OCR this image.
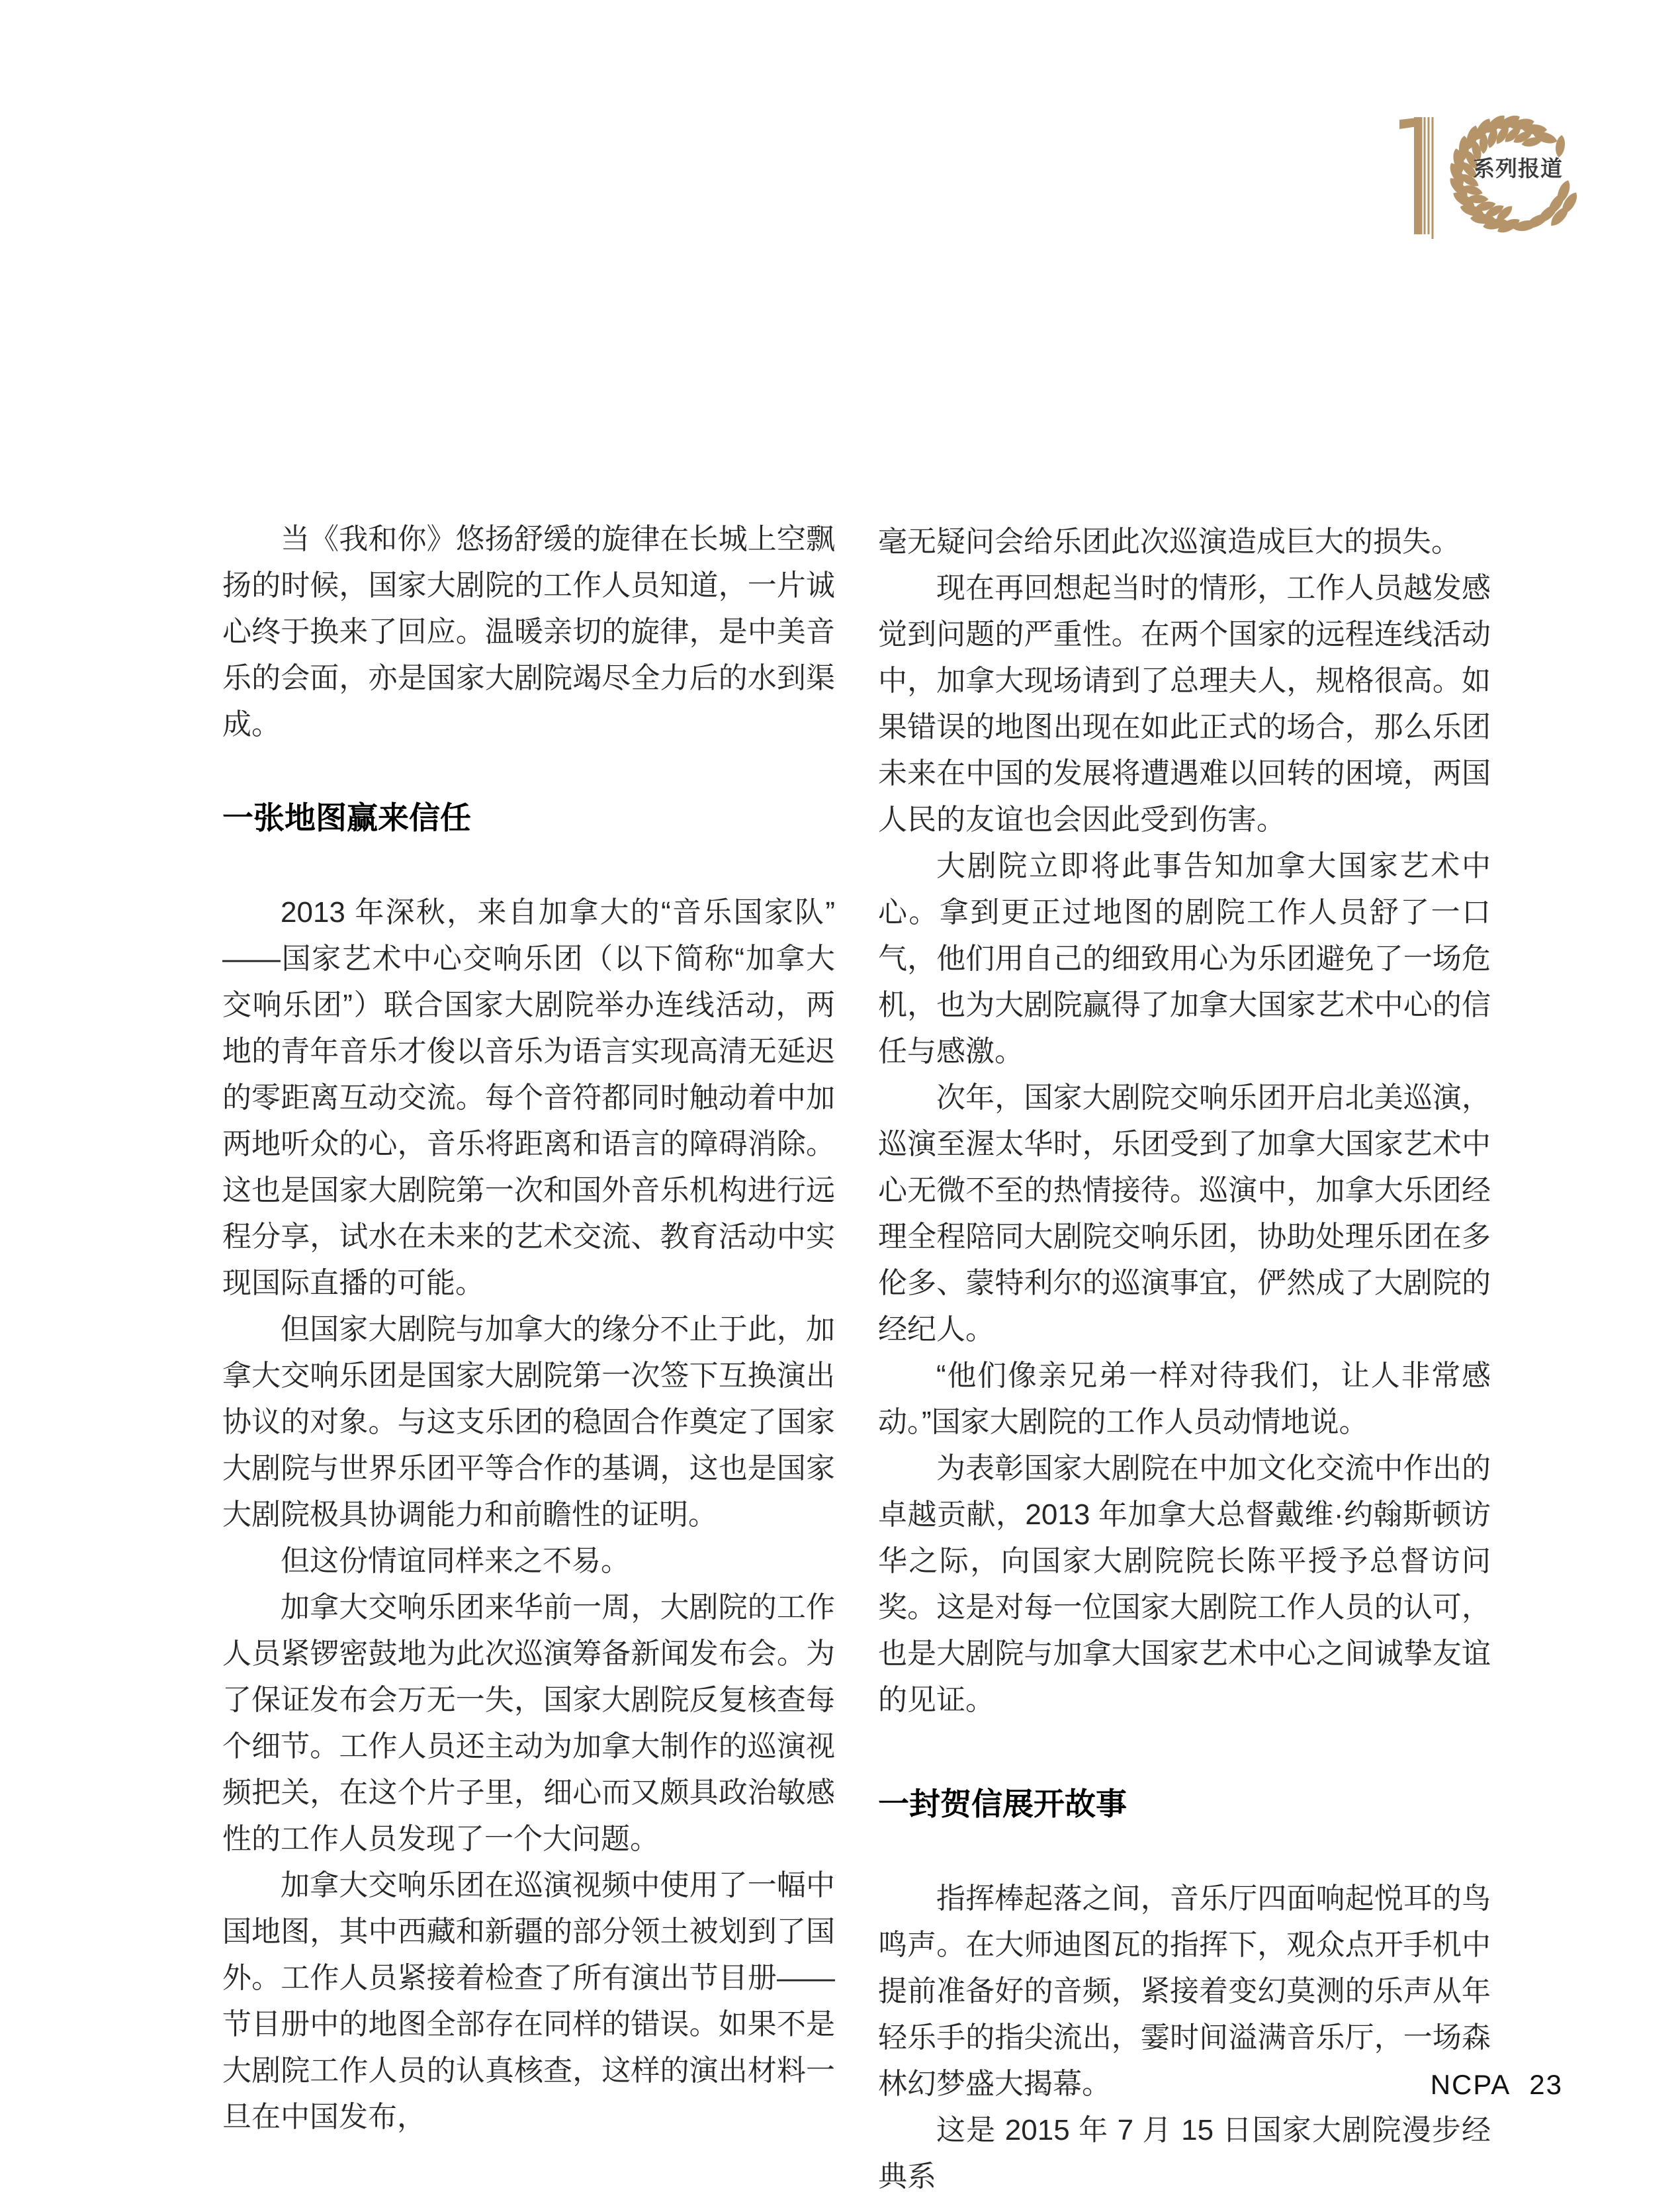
系列报道

当《我和你》悠扬舒缓的旋律在长城上空飘扬的时候，国家大剧院的工作人员知道，一片诚心终于换来了回应。温暖亲切的旋律，是中美音乐的会面，亦是国家大剧院竭尽全力后的水到渠成。

一张地图赢来信任

2013 年深秋，来自加拿大的“音乐国家队”——国家艺术中心交响乐团（以下简称“加拿大交响乐团”）联合国家大剧院举办连线活动，两地的青年音乐才俊以音乐为语言实现高清无延迟的零距离互动交流。每个音符都同时触动着中加两地听众的心，音乐将距离和语言的障碍消除。这也是国家大剧院第一次和国外音乐机构进行远程分享，试水在未来的艺术交流、教育活动中实现国际直播的可能。

但国家大剧院与加拿大的缘分不止于此，加拿大交响乐团是国家大剧院第一次签下互换演出协议的对象。与这支乐团的稳固合作奠定了国家大剧院与世界乐团平等合作的基调，这也是国家大剧院极具协调能力和前瞻性的证明。

但这份情谊同样来之不易。

加拿大交响乐团来华前一周，大剧院的工作人员紧锣密鼓地为此次巡演筹备新闻发布会。为了保证发布会万无一失，国家大剧院反复核查每个细节。工作人员还主动为加拿大制作的巡演视频把关，在这个片子里，细心而又颇具政治敏感性的工作人员发现了一个大问题。

加拿大交响乐团在巡演视频中使用了一幅中国地图，其中西藏和新疆的部分领土被划到了国外。工作人员紧接着检查了所有演出节目册——节目册中的地图全部存在同样的错误。如果不是大剧院工作人员的认真核查，这样的演出材料一旦在中国发布，

毫无疑问会给乐团此次巡演造成巨大的损失。

现在再回想起当时的情形，工作人员越发感觉到问题的严重性。在两个国家的远程连线活动中，加拿大现场请到了总理夫人，规格很高。如果错误的地图出现在如此正式的场合，那么乐团未来在中国的发展将遭遇难以回转的困境，两国人民的友谊也会因此受到伤害。

大剧院立即将此事告知加拿大国家艺术中心。拿到更正过地图的剧院工作人员舒了一口气，他们用自己的细致用心为乐团避免了一场危机，也为大剧院赢得了加拿大国家艺术中心的信任与感激。

次年，国家大剧院交响乐团开启北美巡演，巡演至渥太华时，乐团受到了加拿大国家艺术中心无微不至的热情接待。巡演中，加拿大乐团经理全程陪同大剧院交响乐团，协助处理乐团在多伦多、蒙特利尔的巡演事宜，俨然成了大剧院的经纪人。

“他们像亲兄弟一样对待我们，让人非常感动。”国家大剧院的工作人员动情地说。

为表彰国家大剧院在中加文化交流中作出的卓越贡献，2013 年加拿大总督戴维·约翰斯顿访华之际，向国家大剧院院长陈平授予总督访问奖。这是对每一位国家大剧院工作人员的认可，也是大剧院与加拿大国家艺术中心之间诚挚友谊的见证。

一封贺信展开故事

指挥棒起落之间，音乐厅四面响起悦耳的鸟鸣声。在大师迪图瓦的指挥下，观众点开手机中提前准备好的音频，紧接着变幻莫测的乐声从年轻乐手的指尖流出，霎时间溢满音乐厅，一场森林幻梦盛大揭幕。

这是 2015 年 7 月 15 日国家大剧院漫步经典系

NCPA 23
